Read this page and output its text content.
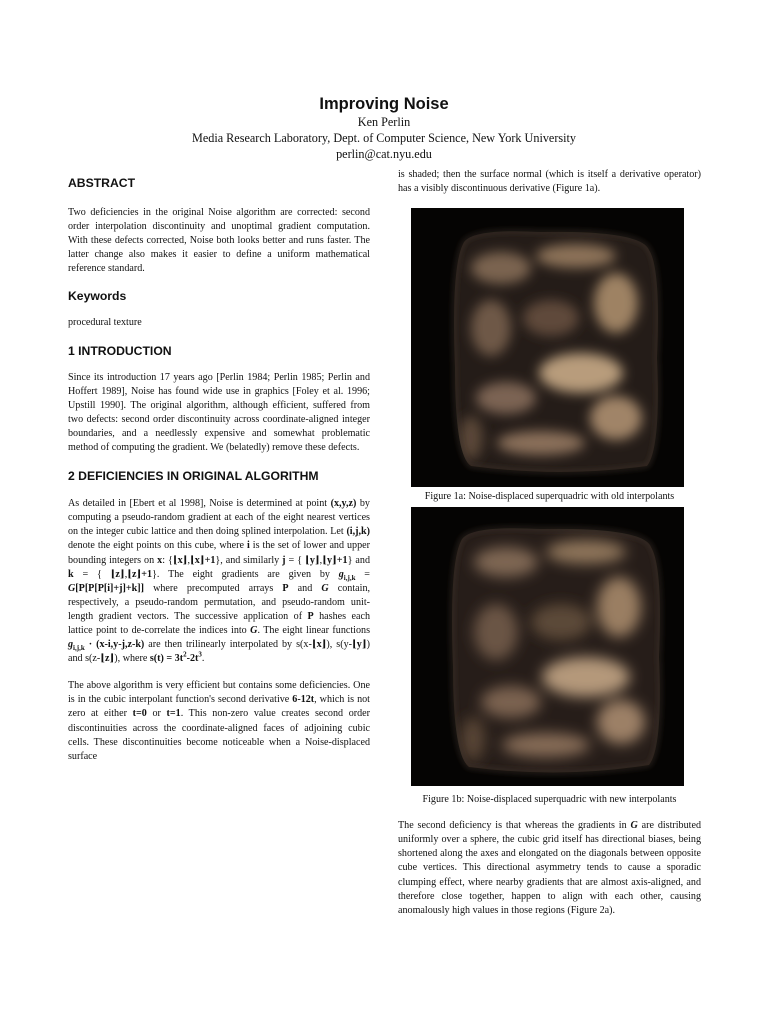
Improving Noise
Ken Perlin
Media Research Laboratory, Dept. of Computer Science, New York University
perlin@cat.nyu.edu
ABSTRACT

Two deficiencies in the original Noise algorithm are corrected: second order interpolation discontinuity and unoptimal gradient computation. With these defects corrected, Noise both looks better and runs faster. The latter change also makes it easier to define a uniform mathematical reference standard.

Keywords

procedural texture

1 INTRODUCTION

Since its introduction 17 years ago [Perlin 1984; Perlin 1985; Perlin and Hoffert 1989], Noise has found wide use in graphics [Foley et al. 1996; Upstill 1990]. The original algorithm, although efficient, suffered from two defects: second order discontinuity across coordinate-aligned integer boundaries, and a needlessly expensive and somewhat problematic method of computing the gradient. We (belatedly) remove these defects.

2 DEFICIENCIES IN ORIGINAL ALGORITHM

As detailed in [Ebert et al 1998], Noise is determined at point (x,y,z) by computing a pseudo-random gradient at each of the eight nearest vertices on the integer cubic lattice and then doing splined interpolation. Let (i,j,k) denote the eight points on this cube, where i is the set of lower and upper bounding integers on x: {⌊x⌋,⌊x⌋+1}, and similarly j = { ⌊y⌋,⌊y⌋+1} and k = { ⌊z⌋,⌊z⌋+1}. The eight gradients are given by $g_{i,j,k} = G[P[P[P[i]+j]+k]]$ where precomputed arrays P and G contain, respectively, a pseudo-random permutation, and pseudo-random unit-length gradient vectors. The successive application of P hashes each lattice point to de-correlate the indices into G. The eight linear functions $g_{i,j,k} \cdot (x-i,y-j,z-k)$ are then trilinearly interpolated by s(x-⌊x⌋), s(y-⌊y⌋) and s(z-⌊z⌋), where $s(t) = 3t^2-2t^3$.

The above algorithm is very efficient but contains some deficiencies. One is in the cubic interpolant function's second derivative 6-12t, which is not zero at either t=0 or t=1. This non-zero value creates second order discontinuities across the coordinate-aligned faces of adjoining cubic cells. These discontinuities become noticeable when a Noise-displaced surface

is shaded; then the surface normal (which is itself a derivative operator) has a visibly discontinuous derivative (Figure 1a).

Figure 1a: Noise-displaced superquadric with old interpolants
Figure 1b: Noise-displaced superquadric with new interpolants

The second deficiency is that whereas the gradients in G are distributed uniformly over a sphere, the cubic grid itself has directional biases, being shortened along the axes and elongated on the diagonals between opposite cube vertices. This directional asymmetry tends to cause a sporadic clumping effect, where nearby gradients that are almost axis-aligned, and therefore close together, happen to align with each other, causing anomalously high values in those regions (Figure 2a).
